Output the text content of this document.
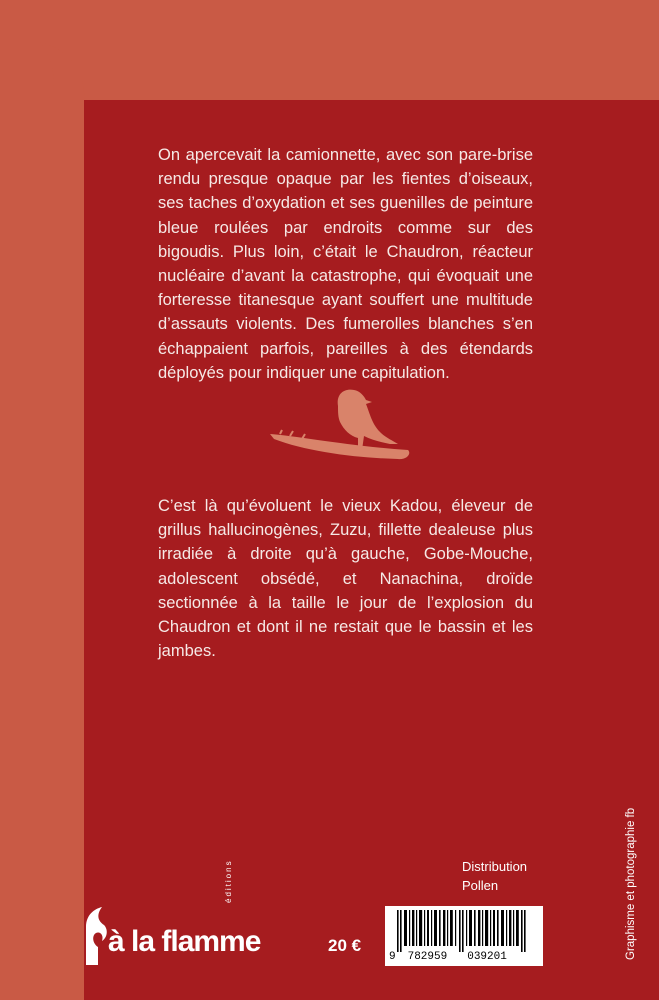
On apercevait la camionnette, avec son pare-brise rendu presque opaque par les fientes d’oiseaux, ses taches d’oxydation et ses guenilles de peinture bleue roulées par endroits comme sur des bigoudis. Plus loin, c’était le Chaudron, réacteur nucléaire d’avant la catastrophe, qui évoquait une forteresse titanesque ayant souffert une multitude d’assauts violents. Des fumerolles blanches s’en échappaient parfois, pareilles à des étendards déployés pour indiquer une capitulation.
C’est là qu’évoluent le vieux Kadou, éleveur de grillus hallucinogènes, Zuzu, fillette dealeuse plus irradiée à droite qu’à gauche, Gobe-Mouche, adolescent obsédé, et Nanachina, droïde sectionnée à la taille le jour de l’explosion du Chaudron et dont il ne restait que le bassin et les jambes.
Distribution
Pollen	Graphisme et photographie fb
éditions
à la flamme	20 €
9 782959 039201
